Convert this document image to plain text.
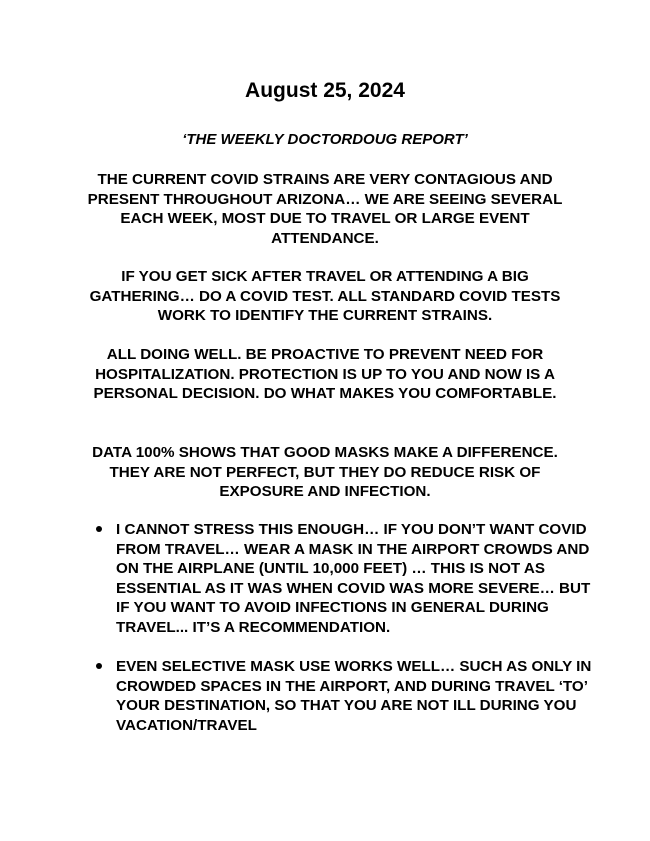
August 25, 2024
‘THE WEEKLY DOCTORDOUG REPORT’
THE CURRENT COVID STRAINS ARE VERY CONTAGIOUS AND PRESENT THROUGHOUT ARIZONA… WE ARE SEEING SEVERAL EACH WEEK, MOST DUE TO TRAVEL OR LARGE EVENT ATTENDANCE.
IF YOU GET SICK AFTER TRAVEL OR ATTENDING A BIG GATHERING… DO A COVID TEST. ALL STANDARD COVID TESTS WORK TO IDENTIFY THE CURRENT STRAINS.
ALL DOING WELL. BE PROACTIVE TO PREVENT NEED FOR HOSPITALIZATION. PROTECTION IS UP TO YOU AND NOW IS A PERSONAL DECISION. DO WHAT MAKES YOU COMFORTABLE.
DATA 100% SHOWS THAT GOOD MASKS MAKE A DIFFERENCE. THEY ARE NOT PERFECT, BUT THEY DO REDUCE RISK OF EXPOSURE AND INFECTION.
I CANNOT STRESS THIS ENOUGH… IF YOU DON’T WANT COVID FROM TRAVEL… WEAR A MASK IN THE AIRPORT CROWDS AND ON THE AIRPLANE (UNTIL 10,000 FEET) … THIS IS NOT AS ESSENTIAL AS IT WAS WHEN COVID WAS MORE SEVERE… BUT IF YOU WANT TO AVOID INFECTIONS IN GENERAL DURING TRAVEL... IT’S A RECOMMENDATION.
EVEN SELECTIVE MASK USE WORKS WELL… SUCH AS ONLY IN CROWDED SPACES IN THE AIRPORT, AND DURING TRAVEL ‘TO’ YOUR DESTINATION, SO THAT YOU ARE NOT ILL DURING YOU VACATION/TRAVEL
